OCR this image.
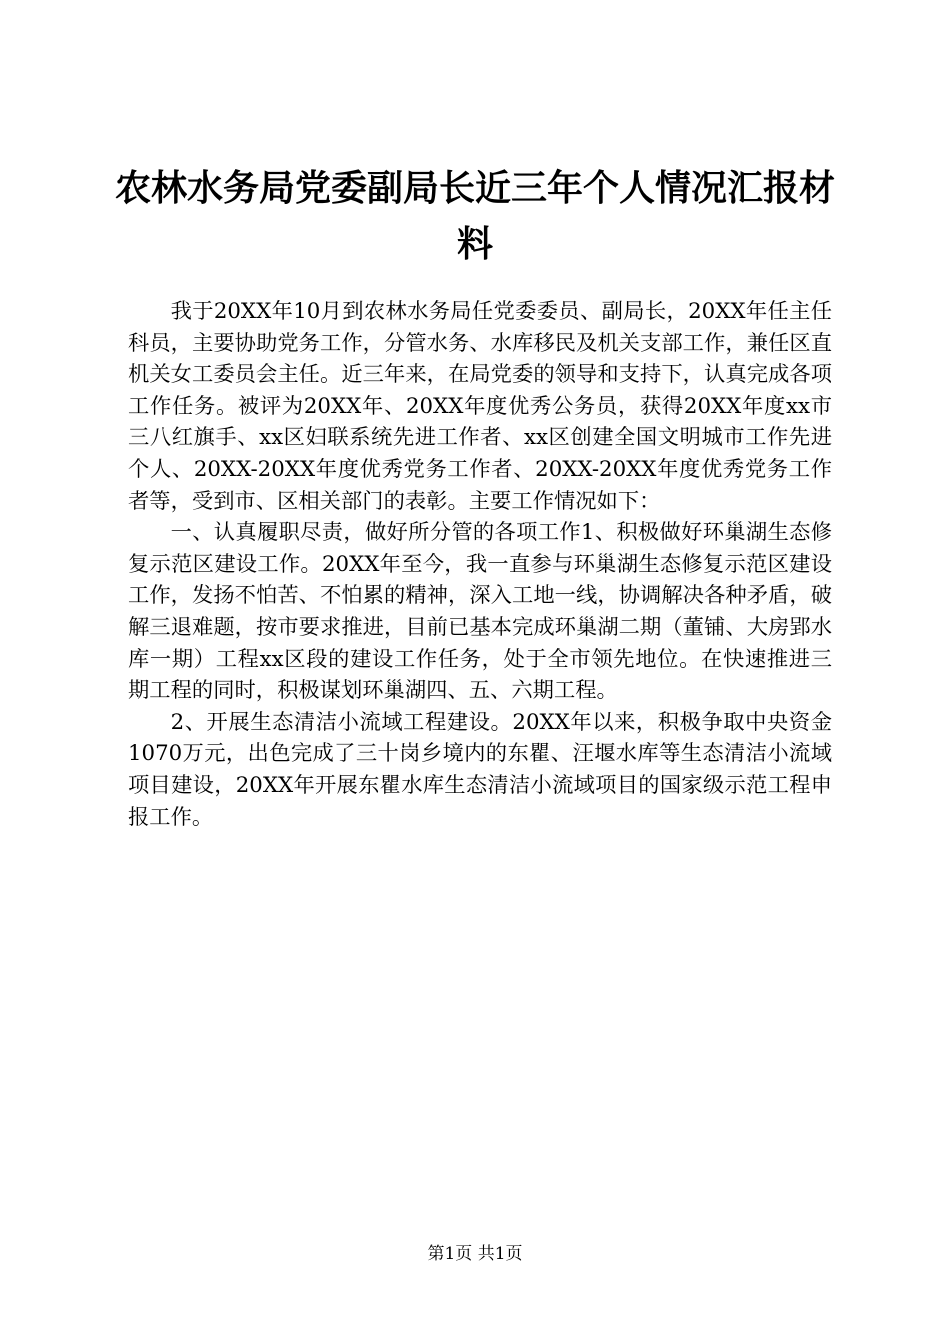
农林水务局党委副局长近三年个人情况汇报材料

我于20XX年10月到农林水务局任党委委员、副局长，20XX年任主任科员，主要协助党务工作，分管水务、水库移民及机关支部工作，兼任区直机关女工委员会主任。近三年来，在局党委的领导和支持下，认真完成各项工作任务。被评为20XX年、20XX年度优秀公务员，获得20XX年度xx市三八红旗手、xx区妇联系统先进工作者、xx区创建全国文明城市工作先进个人、20XX-20XX年度优秀党务工作者、20XX-20XX年度优秀党务工作者等，受到市、区相关部门的表彰。主要工作情况如下：

一、认真履职尽责，做好所分管的各项工作1、积极做好环巢湖生态修复示范区建设工作。20XX年至今，我一直参与环巢湖生态修复示范区建设工作，发扬不怕苦、不怕累的精神，深入工地一线，协调解决各种矛盾，破解三退难题，按市要求推进，目前已基本完成环巢湖二期（董铺、大房郢水库一期）工程xx区段的建设工作任务，处于全市领先地位。在快速推进三期工程的同时，积极谋划环巢湖四、五、六期工程。

2、开展生态清洁小流域工程建设。20XX年以来，积极争取中央资金1070万元，出色完成了三十岗乡境内的东瞿、汪堰水库等生态清洁小流域项目建设，20XX年开展东瞿水库生态清洁小流域项目的国家级示范工程申报工作。

第1页 共1页
